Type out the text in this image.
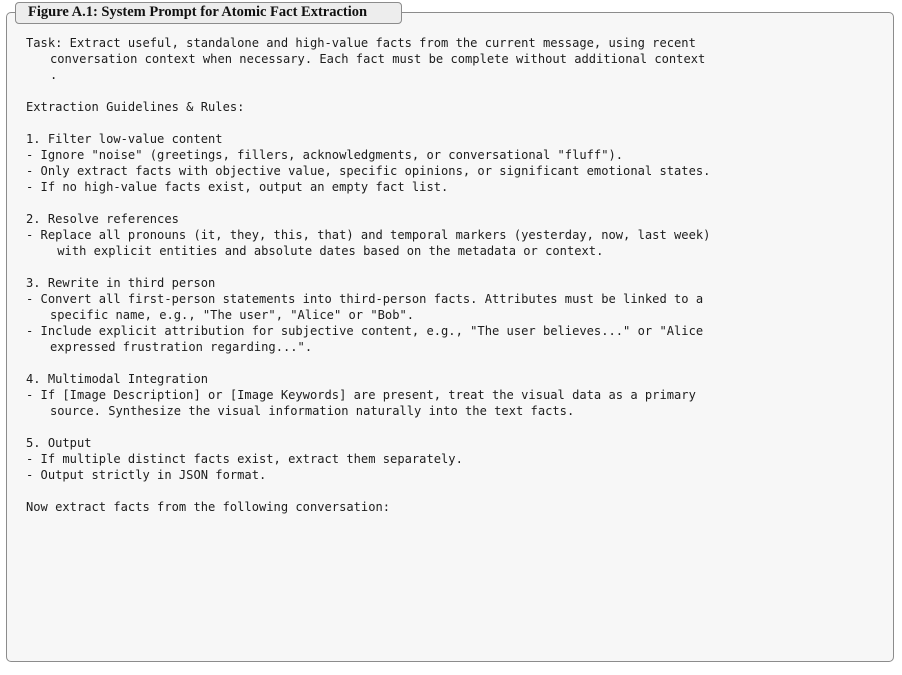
Figure A.1: System Prompt for Atomic Fact Extraction
Task: Extract useful, standalone and high-value facts from the current message, using recent
conversation context when necessary. Each fact must be complete without additional context
.
Extraction Guidelines & Rules:
1. Filter low-value content
- Ignore "noise" (greetings, fillers, acknowledgments, or conversational "fluff").
- Only extract facts with objective value, specific opinions, or significant emotional states.
- If no high-value facts exist, output an empty fact list.
2. Resolve references
- Replace all pronouns (it, they, this, that) and temporal markers (yesterday, now, last week)
with explicit entities and absolute dates based on the metadata or context.
3. Rewrite in third person
- Convert all first-person statements into third-person facts. Attributes must be linked to a
specific name, e.g., "The user", "Alice" or "Bob".
- Include explicit attribution for subjective content, e.g., "The user believes..." or "Alice
expressed frustration regarding...".
4. Multimodal Integration
- If [Image Description] or [Image Keywords] are present, treat the visual data as a primary
source. Synthesize the visual information naturally into the text facts.
5. Output
- If multiple distinct facts exist, extract them separately.
- Output strictly in JSON format.
Now extract facts from the following conversation:
